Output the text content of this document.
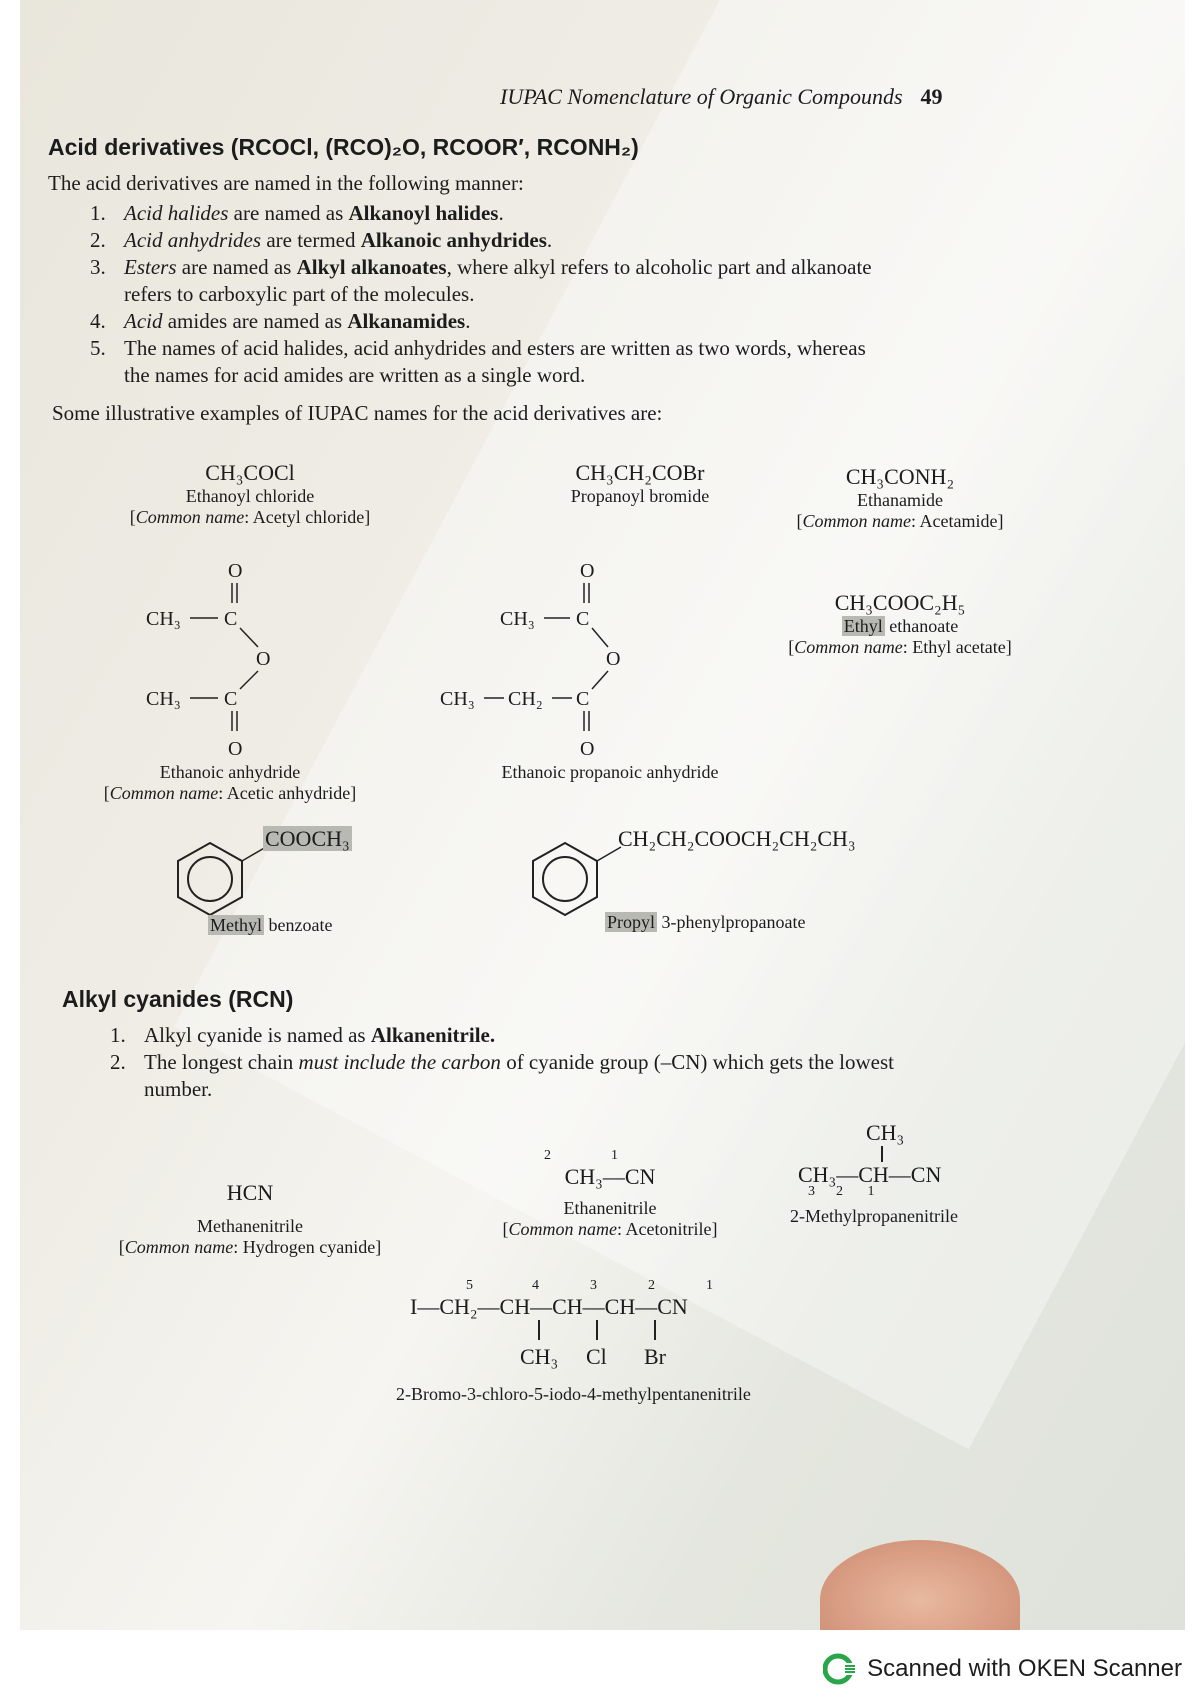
IUPAC Nomenclature of Organic Compounds 49
Acid derivatives (RCOCl, (RCO)₂O, RCOOR′, RCONH₂)
The acid derivatives are named in the following manner:
1. Acid halides are named as Alkanoyl halides.
2. Acid anhydrides are termed Alkanoic anhydrides.
3. Esters are named as Alkyl alkanoates, where alkyl refers to alcoholic part and alkanoate
refers to carboxylic part of the molecules.
4. Acid amides are named as Alkanamides.
5. The names of acid halides, acid anhydrides and esters are written as two words, whereas
the names for acid amides are written as a single word.
Some illustrative examples of IUPAC names for the acid derivatives are:
CH₃COCl
Ethanoyl chloride
[Common name: Acetyl chloride]
CH₃CH₂COBr
Propanoyl bromide
CH₃CONH₂
Ethanamide
[Common name: Acetamide]
CH₃COOC₂H₅
Ethyl ethanoate
[Common name: Ethyl acetate]
O
CH₃ C
O
CH₃ C
O
Ethanoic anhydride
[Common name: Acetic anhydride]
O
CH₃ C
O
CH₃ CH₂ C
O
Ethanoic propanoic anhydride
COOCH₃
Methyl benzoate
CH₂CH₂COOCH₂CH₂CH₃
Propyl 3-phenylpropanoate
Alkyl cyanides (RCN)
1. Alkyl cyanide is named as Alkanenitrile.
2. The longest chain must include the carbon of cyanide group (–CN) which gets the lowest
number.
HCN
Methanenitrile
[Common name: Hydrogen cyanide]
2	1
CH₃—CN
Ethanenitrile
[Common name: Acetonitrile]
CH₃
CH₃—CH—CN
3      2       1
2-Methylpropanenitrile
5	4	3	2	1
I—CH₂—CH—CH—CH—CN
CH₃ Cl Br
2-Bromo-3-chloro-5-iodo-4-methylpentanenitrile
Scanned with OKEN Scanner
